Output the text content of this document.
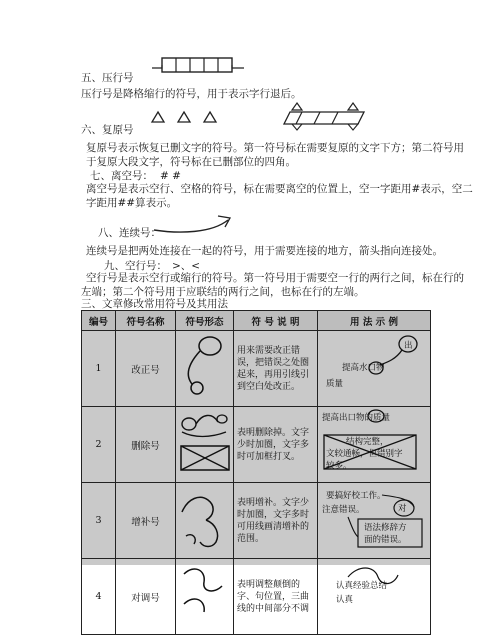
五、压行号
压行号是降格缩行的符号，用于表示字行退后。
六、复原号
复原号表示恢复已删文字的符号。第一符号标在需要复原的文字下方；第二符号用
于复原大段文字，符号标在已删部位的四角。
七、离空号： # #
离空号是表示空行、空格的符号，标在需要离空的位置上，空一字距用#表示，空二
字距用##算表示。
八、连续号：
连续号是把两处连接在一起的符号，用于需要连接的地方，箭头指向连接处。
九、空行号： >、<
空行号是表示空行或缩行的符号。第一符号用于需要空一行的两行之间，标在行的
左端；第二个符号用于应联结的两行之间，也标在行的左端。
三、文章修改常用符号及其用法
编号	符号名称	符号形态	符 号 说 明	用 法 示 例
1	改正号		用来需要改正错误，把错误之处圈起来，再用引线引到空白处改正。	提高水口物
质量
出

2	删除号		表明删除掉。文字少时加圈，文字多时可加框打叉。	提高出口物的质量
结构完整，
文较通畅，但错别字
较多。

3	增补号		表明增补。文字少时加圈，文字多时可用线画清增补的范围。	要搞好校工作。
注意错误。 对
语法修辞方
面的错误。

4	对调号		表明调整颠倒的字、句位置，三曲线的中间部分不调	认真经验总结
认真
